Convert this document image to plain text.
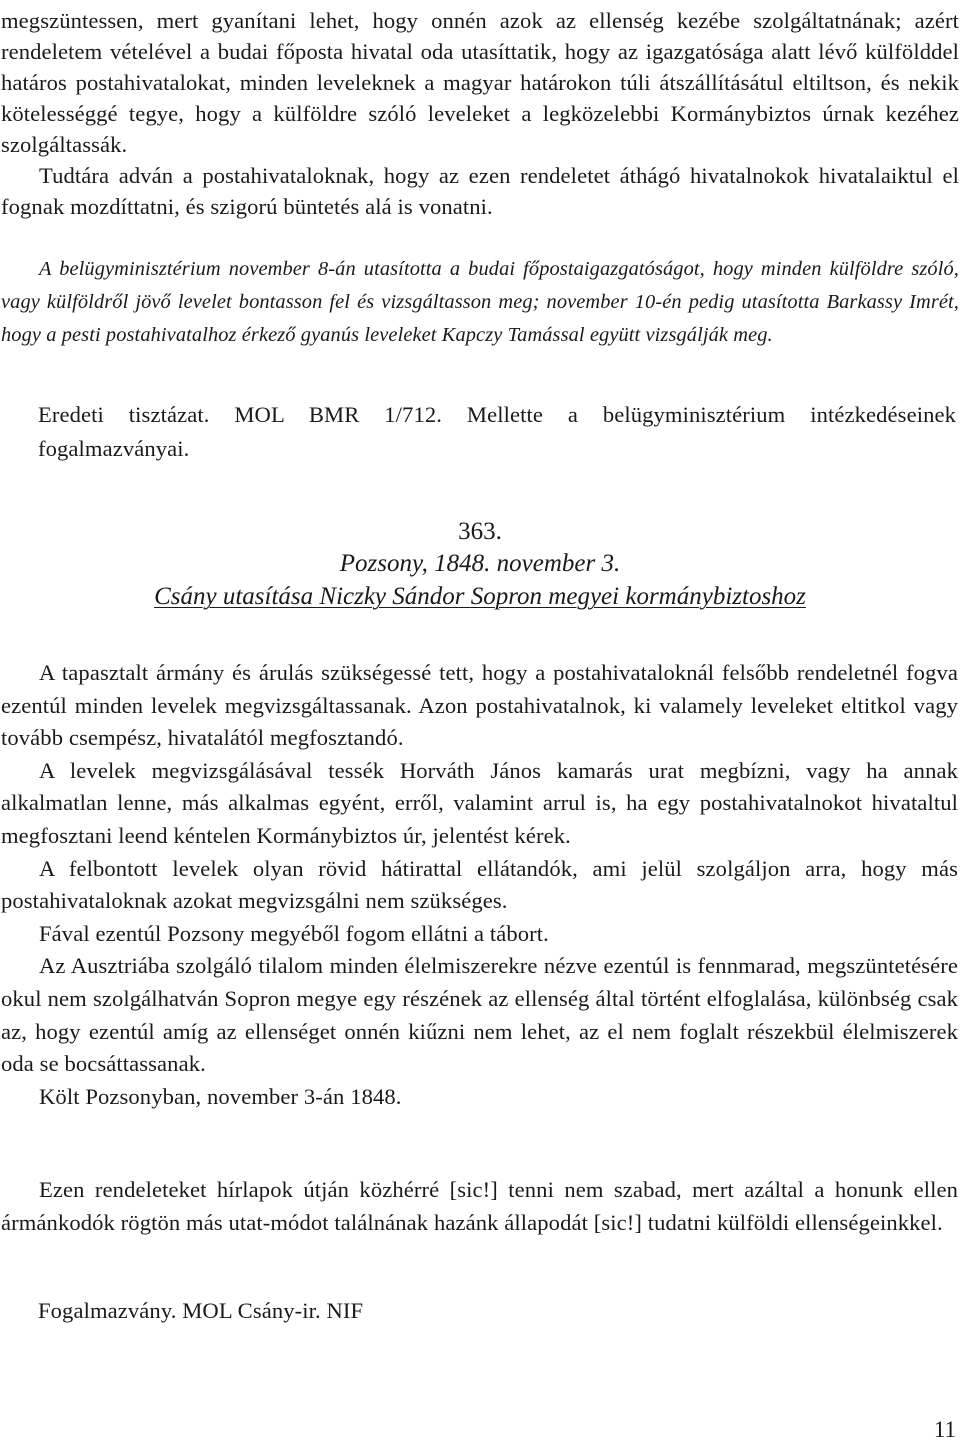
megszüntessen, mert gyanítani lehet, hogy onnén azok az ellenség kezébe szolgáltatnának; azért rendeletem vételével a budai főposta hivatal oda utasíttatik, hogy az igazgatósága alatt lévő külfölddel határos postahivatalokat, minden leveleknek a magyar határokon túli átszállításátul eltiltson, és nekik kötelességgé tegye, hogy a külföldre szóló leveleket a legközelebbi Kormánybiztos úrnak kezéhez szolgáltassák.

Tudtára adván a postahivataloknak, hogy az ezen rendeletet áthágó hivatalnokok hivatalaiktul el fognak mozdíttatni, és szigorú büntetés alá is vonatni.

A belügyminisztérium november 8-án utasította a budai főpostaigazgatóságot, hogy minden külföldre szóló, vagy külföldről jövő levelet bontasson fel és vizsgáltasson meg; november 10-én pedig utasította Barkassy Imrét, hogy a pesti postahivatalhoz érkező gyanús leveleket Kapczy Tamással együtt vizsgálják meg.

Eredeti tisztázat. MOL BMR 1/712. Mellette a belügyminisztérium intézkedéseinek fogalmazványai.

363.
Pozsony, 1848. november 3.
Csány utasítása Niczky Sándor Sopron megyei kormánybiztoshoz

A tapasztalt ármány és árulás szükségessé tett, hogy a postahivataloknál felsőbb rendeletnél fogva ezentúl minden levelek megvizsgáltassanak. Azon postahivatalnok, ki valamely leveleket eltitkol vagy tovább csempész, hivatalától megfosztandó.

A levelek megvizsgálásával tessék Horváth János kamarás urat megbízni, vagy ha annak alkalmatlan lenne, más alkalmas egyént, erről, valamint arrul is, ha egy postahivatalnokot hivataltul megfosztani leend kéntelen Kormánybiztos úr, jelentést kérek.

A felbontott levelek olyan rövid hátirattal ellátandók, ami jelül szolgáljon arra, hogy más postahivataloknak azokat megvizsgálni nem szükséges.

Fával ezentúl Pozsony megyéből fogom ellátni a tábort.

Az Ausztriába szolgáló tilalom minden élelmiszerekre nézve ezentúl is fennmarad, megszüntetésére okul nem szolgálhatván Sopron megye egy részének az ellenség által történt elfoglalása, különbség csak az, hogy ezentúl amíg az ellenséget onnén kiűzni nem lehet, az el nem foglalt részekbül élelmiszerek oda se bocsáttassanak.

Költ Pozsonyban, november 3-án 1848.

Ezen rendeleteket hírlapok útján közhérré [sic!] tenni nem szabad, mert azáltal a honunk ellen ármánkodók rögtön más utat-módot találnának hazánk állapodát [sic!] tudatni külföldi ellenségeinkkel.

Fogalmazvány. MOL Csány-ir. NIF

11
